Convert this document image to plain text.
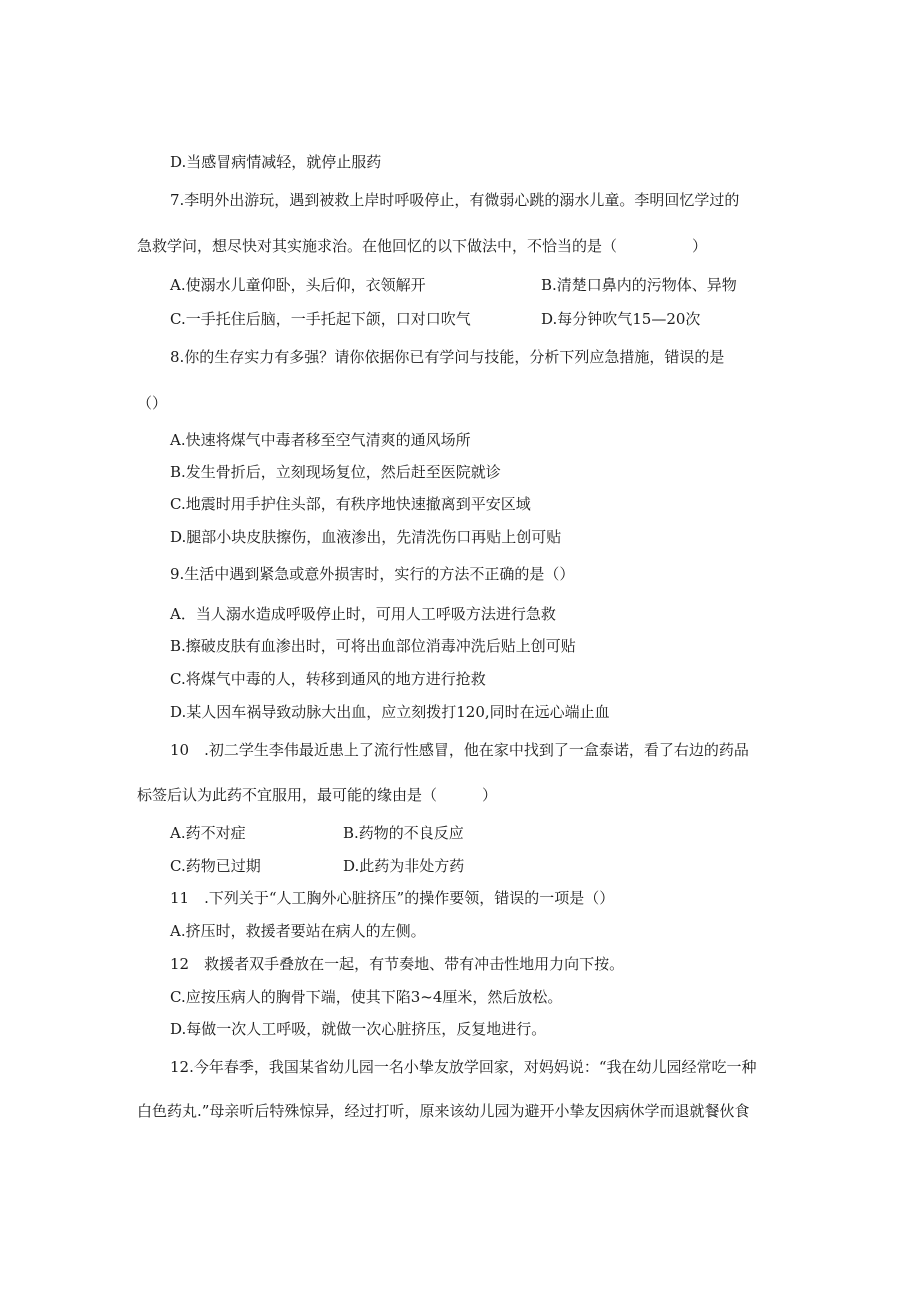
D.当感冒病情减轻，就停止服药
7.李明外出游玩，遇到被救上岸时呼吸停止，有微弱心跳的溺水儿童。李明回忆学过的
急救学问，想尽快对其实施求治。在他回忆的以下做法中，不恰当的是（　　　　　）
A.使溺水儿童仰卧，头后仰，衣领解开	B.清楚口鼻内的污物体、异物
C.一手托住后脑，一手托起下颌，口对口吹气	D.每分钟吹气15—20次
8.你的生存实力有多强？请你依据你已有学问与技能，分析下列应急措施，错误的是
（）
A.快速将煤气中毒者移至空气清爽的通风场所
B.发生骨折后，立刻现场复位，然后赶至医院就诊
C.地震时用手护住头部，有秩序地快速撤离到平安区域
D.腿部小块皮肤擦伤，血液渗出，先清洗伤口再贴上创可贴
9.生活中遇到紧急或意外损害时，实行的方法不正确的是（）
A．当人溺水造成呼吸停止时，可用人工呼吸方法进行急救
B.擦破皮肤有血渗出时，可将出血部位消毒冲洗后贴上创可贴
C.将煤气中毒的人，转移到通风的地方进行抢救
D.某人因车祸导致动脉大出血，应立刻拨打120,同时在远心端止血
10　.初二学生李伟最近患上了流行性感冒，他在家中找到了一盒泰诺，看了右边的药品
标签后认为此药不宜服用，最可能的缘由是（　　　）
A.药不对症	B.药物的不良反应
C.药物已过期	D.此药为非处方药
11　.下列关于“人工胸外心脏挤压”的操作要领，错误的一项是（）
A.挤压时，救援者要站在病人的左侧。
12　救援者双手叠放在一起，有节奏地、带有冲击性地用力向下按。
C.应按压病人的胸骨下端，使其下陷3~4厘米，然后放松。
D.每做一次人工呼吸，就做一次心脏挤压，反复地进行。
12.今年春季，我国某省幼儿园一名小挚友放学回家，对妈妈说：“我在幼儿园经常吃一种
白色药丸.”母亲听后特殊惊异，经过打听，原来该幼儿园为避开小挚友因病休学而退就餐伙食
